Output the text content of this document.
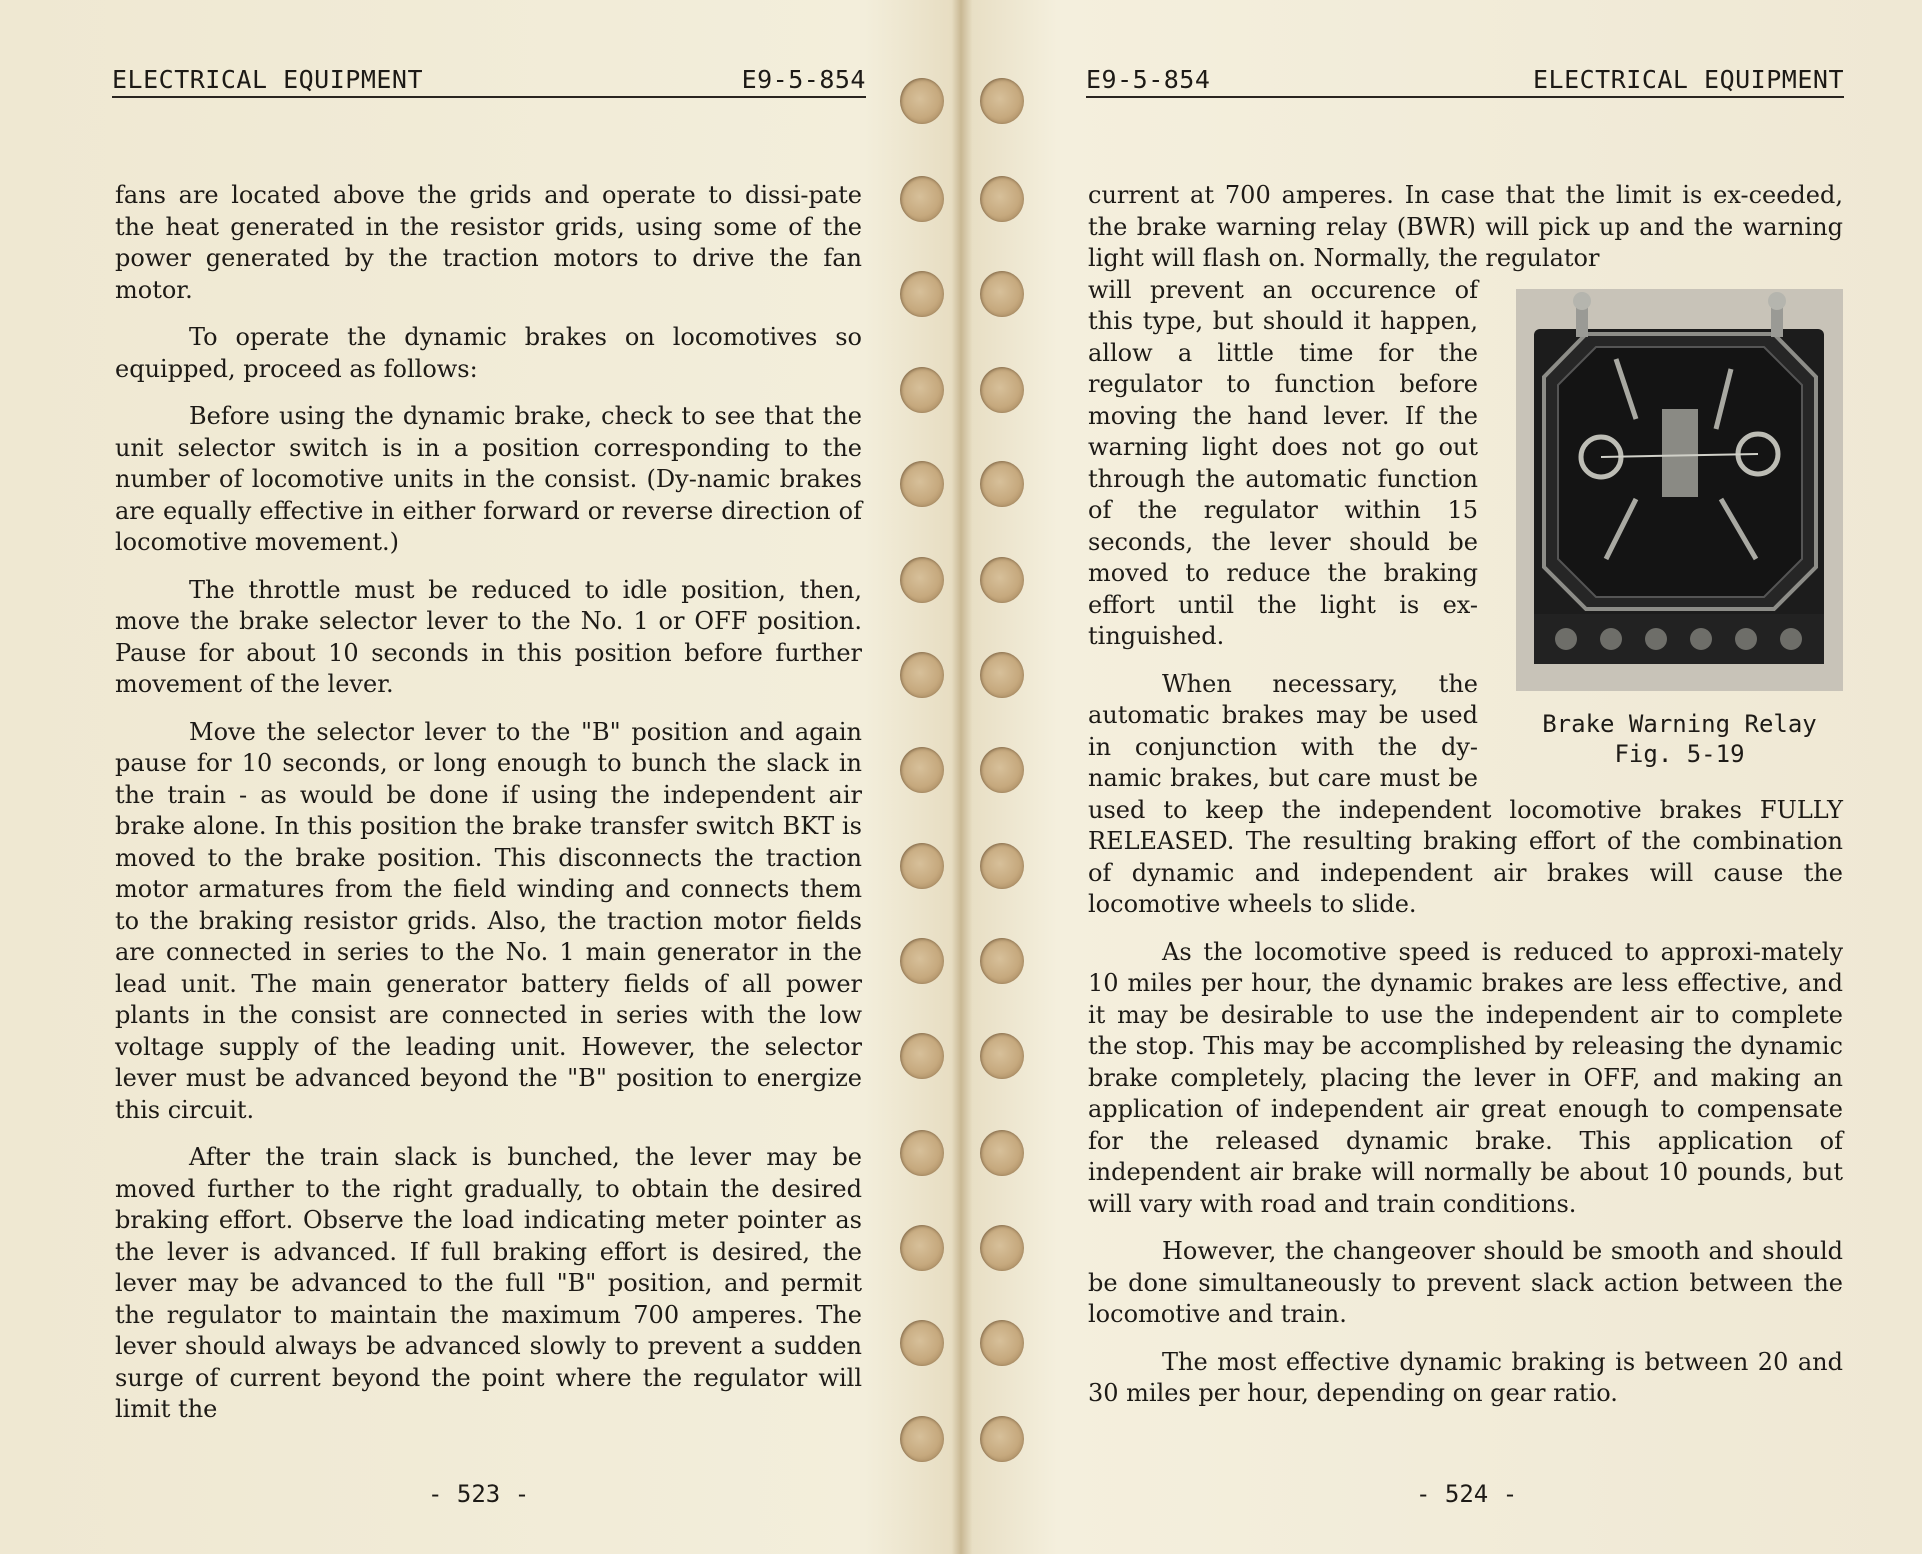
ELECTRICAL EQUIPMENT	E9-5-854

fans are located above the grids and operate to dissi-pate the heat generated in the resistor grids, using some of the power generated by the traction motors to drive the fan motor.

To operate the dynamic brakes on locomotives so equipped, proceed as follows:

Before using the dynamic brake, check to see that the unit selector switch is in a position corresponding to the number of locomotive units in the consist. (Dy-namic brakes are equally effective in either forward or reverse direction of locomotive movement.)

The throttle must be reduced to idle position, then, move the brake selector lever to the No. 1 or OFF position. Pause for about 10 seconds in this position before further movement of the lever.

Move the selector lever to the "B" position and again pause for 10 seconds, or long enough to bunch the slack in the train - as would be done if using the independent air brake alone. In this position the brake transfer switch BKT is moved to the brake position. This disconnects the traction motor armatures from the field winding and connects them to the braking resistor grids. Also, the traction motor fields are connected in series to the No. 1 main generator in the lead unit. The main generator battery fields of all power plants in the consist are connected in series with the low voltage supply of the leading unit. However, the selector lever must be advanced beyond the "B" position to energize this circuit.

After the train slack is bunched, the lever may be moved further to the right gradually, to obtain the desired braking effort. Observe the load indicating meter pointer as the lever is advanced. If full braking effort is desired, the lever may be advanced to the full "B" position, and permit the regulator to maintain the maximum 700 amperes. The lever should always be advanced slowly to prevent a sudden surge of current beyond the point where the regulator will limit the

- 523 -
E9-5-854	ELECTRICAL EQUIPMENT

current at 700 amperes. In case that the limit is ex-ceeded, the brake warning relay (BWR) will pick up and the warning light will flash on. Normally, the regulator

Brake Warning Relay
Fig. 5-19

will prevent an occurence of this type, but should it happen, allow a little time for the regulator to function before moving the hand lever. If the warning light does not go out through the automatic function of the regulator within 15 seconds, the lever should be moved to reduce the braking effort until the light is ex-tinguished.

When necessary, the automatic brakes may be used in conjunction with the dy-namic brakes, but care must be used to keep the independent locomotive brakes FULLY RELEASED. The resulting braking effort of the combination of dynamic and independent air brakes will cause the locomotive wheels to slide.

As the locomotive speed is reduced to approxi-mately 10 miles per hour, the dynamic brakes are less effective, and it may be desirable to use the independent air to complete the stop. This may be accomplished by releasing the dynamic brake completely, placing the lever in OFF, and making an application of independent air great enough to compensate for the released dynamic brake. This application of independent air brake will normally be about 10 pounds, but will vary with road and train conditions.

However, the changeover should be smooth and should be done simultaneously to prevent slack action between the locomotive and train.

The most effective dynamic braking is between 20 and 30 miles per hour, depending on gear ratio.

- 524 -
